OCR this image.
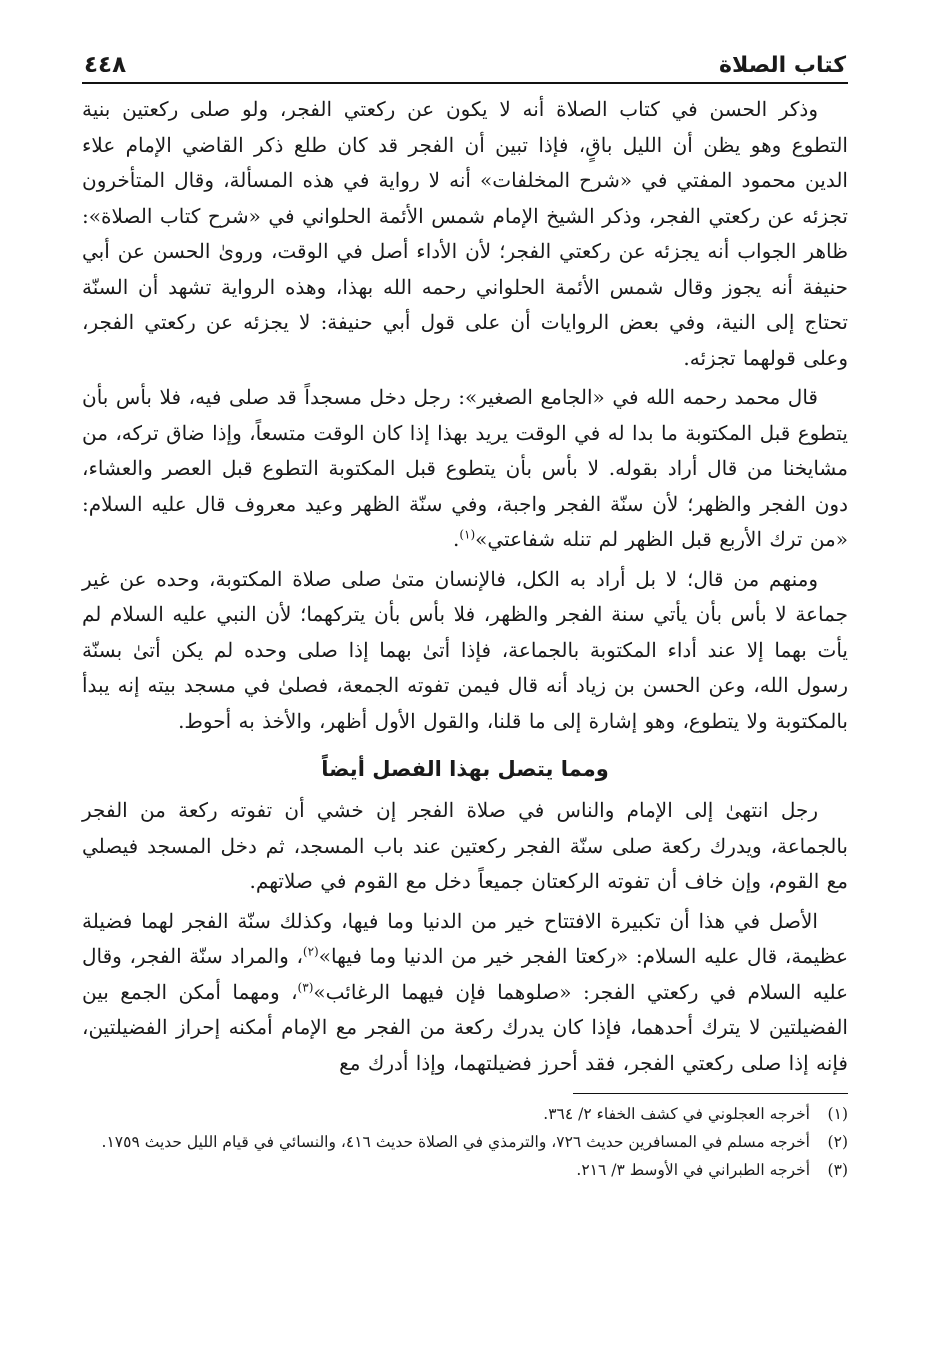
كتاب الصلاة
٤٤٨

وذكر الحسن في كتاب الصلاة أنه لا يكون عن ركعتي الفجر، ولو صلى ركعتين بنية التطوع وهو يظن أن الليل باقٍ، فإذا تبين أن الفجر قد كان طلع ذكر القاضي الإمام علاء الدين محمود المفتي في «شرح المخلفات» أنه لا رواية في هذه المسألة، وقال المتأخرون تجزئه عن ركعتي الفجر، وذكر الشيخ الإمام شمس الأئمة الحلواني في «شرح كتاب الصلاة»: ظاهر الجواب أنه يجزئه عن ركعتي الفجر؛ لأن الأداء أصل في الوقت، وروىٰ الحسن عن أبي حنيفة أنه يجوز وقال شمس الأئمة الحلواني رحمه الله بهذا، وهذه الرواية تشهد أن السنّة تحتاج إلى النية، وفي بعض الروايات أن على قول أبي حنيفة: لا يجزئه عن ركعتي الفجر، وعلى قولهما تجزئه.

قال محمد رحمه الله في «الجامع الصغير»: رجل دخل مسجداً قد صلى فيه، فلا بأس بأن يتطوع قبل المكتوبة ما بدا له في الوقت يريد بهذا إذا كان الوقت متسعاً، وإذا ضاق تركه، من مشايخنا من قال أراد بقوله. لا بأس بأن يتطوع قبل المكتوبة التطوع قبل العصر والعشاء، دون الفجر والظهر؛ لأن سنّة الفجر واجبة، وفي سنّة الظهر وعيد معروف قال عليه السلام: «من ترك الأربع قبل الظهر لم تنله شفاعتي»$^{(١)}$.

ومنهم من قال؛ لا بل أراد به الكل، فالإنسان متىٰ صلى صلاة المكتوبة، وحده عن غير جماعة لا بأس بأن يأتي سنة الفجر والظهر، فلا بأس بأن يتركهما؛ لأن النبي عليه السلام لم يأت بهما إلا عند أداء المكتوبة بالجماعة، فإذا أتىٰ بهما إذا صلى وحده لم يكن أتىٰ بسنّة رسول الله، وعن الحسن بن زياد أنه قال فيمن تفوته الجمعة، فصلىٰ في مسجد بيته إنه يبدأ بالمكتوبة ولا يتطوع، وهو إشارة إلى ما قلنا، والقول الأول أظهر، والأخذ به أحوط.

ومما يتصل بهذا الفصل أيضاً

رجل انتهىٰ إلى الإمام والناس في صلاة الفجر إن خشي أن تفوته ركعة من الفجر بالجماعة، ويدرك ركعة صلى سنّة الفجر ركعتين عند باب المسجد، ثم دخل المسجد فيصلي مع القوم، وإن خاف أن تفوته الركعتان جميعاً دخل مع القوم في صلاتهم.

الأصل في هذا أن تكبيرة الافتتاح خير من الدنيا وما فيها، وكذلك سنّة الفجر لهما فضيلة عظيمة، قال عليه السلام: «ركعتا الفجر خير من الدنيا وما فيها»$^{(٢)}$، والمراد سنّة الفجر، وقال عليه السلام في ركعتي الفجر: «صلوهما فإن فيهما الرغائب»$^{(٣)}$، ومهما أمكن الجمع بين الفضيلتين لا يترك أحدهما، فإذا كان يدرك ركعة من الفجر مع الإمام أمكنه إحراز الفضيلتين، فإنه إذا صلى ركعتي الفجر، فقد أحرز فضيلتهما، وإذا أدرك مع

(١)
أخرجه العجلوني في كشف الخفاء ٢/ ٣٦٤.
(٢)
أخرجه مسلم في المسافرين حديث ٧٢٦، والترمذي في الصلاة حديث ٤١٦، والنسائي في قيام الليل حديث ١٧٥٩.
(٣)
أخرجه الطبراني في الأوسط ٣/ ٢١٦.
